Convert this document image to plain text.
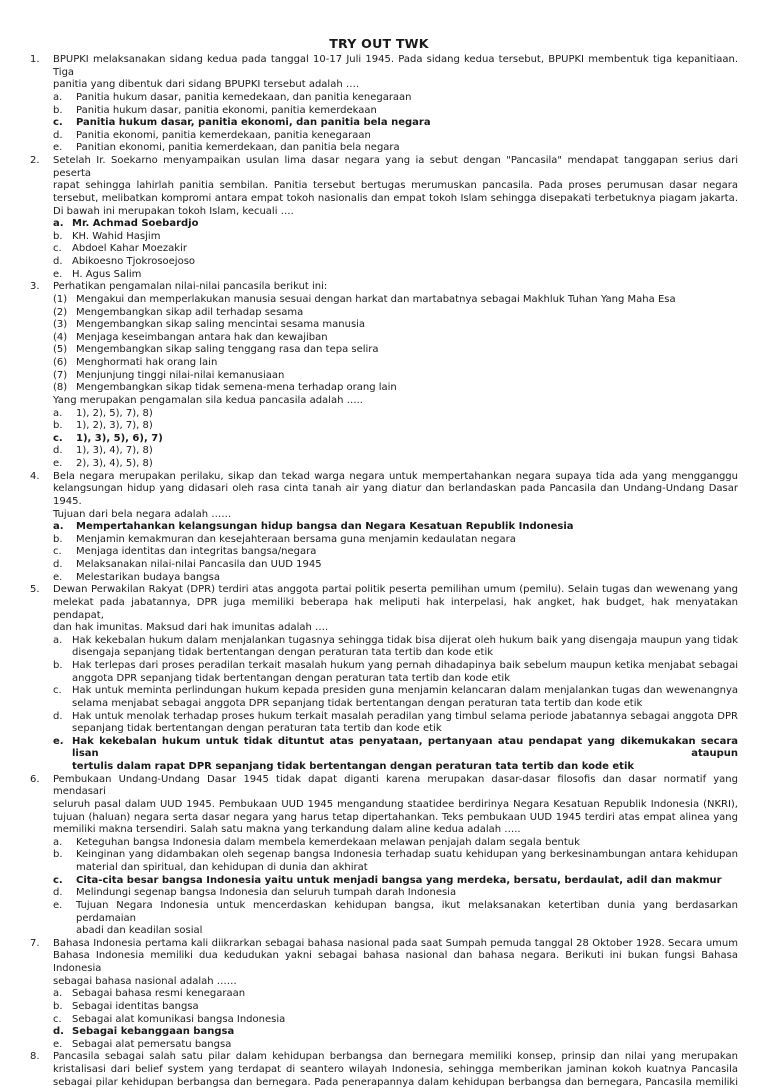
TRY OUT TWK
1. BPUPKI melaksanakan sidang kedua pada tanggal 10-17 Juli 1945. Pada sidang kedua tersebut, BPUPKI membentuk tiga kepanitiaan. Tiga
panitia yang dibentuk dari sidang BPUPKI tersebut adalah ….
a. Panitia hukum dasar, panitia kemedekaan, dan panitia kenegaraan
b. Panitia hukum dasar, panitia ekonomi, panitia kemerdekaan
c. Panitia hukum dasar, panitia ekonomi, dan panitia bela negara
d. Panitia ekonomi, panitia kemerdekaan, panitia kenegaraan
e. Panitian ekonomi, panitia kemerdekaan, dan panitia bela negara
2. Setelah Ir. Soekarno menyampaikan usulan lima dasar negara yang ia sebut dengan "Pancasila" mendapat tanggapan serius dari peserta
rapat sehingga lahirlah panitia sembilan. Panitia tersebut bertugas merumuskan pancasila. Pada proses perumusan dasar negara
tersebut, melibatkan kompromi antara empat tokoh nasionalis dan empat tokoh Islam sehingga disepakati terbetuknya piagam jakarta.
Di bawah ini merupakan tokoh Islam, kecuali ….
a. Mr. Achmad Soebardjo
b. KH. Wahid Hasjim
c. Abdoel Kahar Moezakir
d. Abikoesno Tjokrosoejoso
e. H. Agus Salim
3. Perhatikan pengamalan nilai-nilai pancasila berikut ini:
(1) Mengakui dan memperlakukan manusia sesuai dengan harkat dan martabatnya sebagai Makhluk Tuhan Yang Maha Esa
(2) Mengembangkan sikap adil terhadap sesama
(3) Mengembangkan sikap saling mencintai sesama manusia
(4) Menjaga keseimbangan antara hak dan kewajiban
(5) Mengembangkan sikap saling tenggang rasa dan tepa selira
(6) Menghormati hak orang lain
(7) Menjunjung tinggi nilai-nilai kemanusiaan
(8) Mengembangkan sikap tidak semena-mena terhadap orang lain
Yang merupakan pengamalan sila kedua pancasila adalah …..
a. 1), 2), 5), 7), 8)
b. 1), 2), 3), 7), 8)
c. 1), 3), 5), 6), 7)
d. 1), 3), 4), 7), 8)
e. 2), 3), 4), 5), 8)
4. Bela negara merupakan perilaku, sikap dan tekad warga negara untuk mempertahankan negara supaya tida ada yang mengganggu
kelangsungan hidup yang didasari oleh rasa cinta tanah air yang diatur dan berlandaskan pada Pancasila dan Undang-Undang Dasar 1945.
Tujuan dari bela negara adalah ……
a. Mempertahankan kelangsungan hidup bangsa dan Negara Kesatuan Republik Indonesia
b. Menjamin kemakmuran dan kesejahteraan bersama guna menjamin kedaulatan negara
c. Menjaga identitas dan integritas bangsa/negara
d. Melaksanakan nilai-nilai Pancasila dan UUD 1945
e. Melestarikan budaya bangsa
5. Dewan Perwakilan Rakyat (DPR) terdiri atas anggota partai politik peserta pemilihan umum (pemilu). Selain tugas dan wewenang yang
melekat pada jabatannya, DPR juga memiliki beberapa hak meliputi hak interpelasi, hak angket, hak budget, hak menyatakan pendapat,
dan hak imunitas. Maksud dari hak imunitas adalah ….
a. Hak kekebalan hukum dalam menjalankan tugasnya sehingga tidak bisa dijerat oleh hukum baik yang disengaja maupun yang tidak
disengaja sepanjang tidak bertentangan dengan peraturan tata tertib dan kode etik
b. Hak terlepas dari proses peradilan terkait masalah hukum yang pernah dihadapinya baik sebelum maupun ketika menjabat sebagai
anggota DPR sepanjang tidak bertentangan dengan peraturan tata tertib dan kode etik
c. Hak untuk meminta perlindungan hukum kepada presiden guna menjamin kelancaran dalam menjalankan tugas dan wewenangnya
selama menjabat sebagai anggota DPR sepanjang tidak bertentangan dengan peraturan tata tertib dan kode etik
d. Hak untuk menolak terhadap proses hukum terkait masalah peradilan yang timbul selama periode jabatannya sebagai anggota DPR
sepanjang tidak bertentangan dengan peraturan tata tertib dan kode etik
e. Hak kekebalan hukum untuk tidak dituntut atas penyataan, pertanyaan atau pendapat yang dikemukakan secara lisan ataupun
tertulis dalam rapat DPR sepanjang tidak bertentangan dengan peraturan tata tertib dan kode etik
6. Pembukaan Undang-Undang Dasar 1945 tidak dapat diganti karena merupakan dasar-dasar filosofis dan dasar normatif yang mendasari
seluruh pasal dalam UUD 1945. Pembukaan UUD 1945 mengandung staatidee berdirinya Negara Kesatuan Republik Indonesia (NKRI),
tujuan (haluan) negara serta dasar negara yang harus tetap dipertahankan. Teks pembukaan UUD 1945 terdiri atas empat alinea yang
memiliki makna tersendiri. Salah satu makna yang terkandung dalam aline kedua adalah …..
a. Keteguhan bangsa Indonesia dalam membela kemerdekaan melawan penjajah dalam segala bentuk
b. Keinginan yang didambakan oleh segenap bangsa Indonesia terhadap suatu kehidupan yang berkesinambungan antara kehidupan
material dan spiritual, dan kehidupan di dunia dan akhirat
c. Cita-cita besar bangsa Indonesia yaitu untuk menjadi bangsa yang merdeka, bersatu, berdaulat, adil dan makmur
d. Melindungi segenap bangsa Indonesia dan seluruh tumpah darah Indonesia
e. Tujuan Negara Indonesia untuk mencerdaskan kehidupan bangsa, ikut melaksanakan ketertiban dunia yang berdasarkan perdamaian
abadi dan keadilan sosial
7. Bahasa Indonesia pertama kali diikrarkan sebagai bahasa nasional pada saat Sumpah pemuda tanggal 28 Oktober 1928. Secara umum
Bahasa Indonesia memiliki dua kedudukan yakni sebagai bahasa nasional dan bahasa negara. Berikuti ini bukan fungsi Bahasa Indonesia
sebagai bahasa nasional adalah ……
a. Sebagai bahasa resmi kenegaraan
b. Sebagai identitas bangsa
c. Sebagai alat komunikasi bangsa Indonesia
d. Sebagai kebanggaan bangsa
e. Sebagai alat pemersatu bangsa
8. Pancasila sebagai salah satu pilar dalam kehidupan berbangsa dan bernegara memiliki konsep, prinsip dan nilai yang merupakan
kristalisasi dari belief system yang terdapat di seantero wilayah Indonesia, sehingga memberikan jaminan kokoh kuatnya Pancasila
sebagai pilar kehidupan berbangsa dan bernegara. Pada penerapannya dalam kehidupan berbangsa dan bernegara, Pancasila memiliki
